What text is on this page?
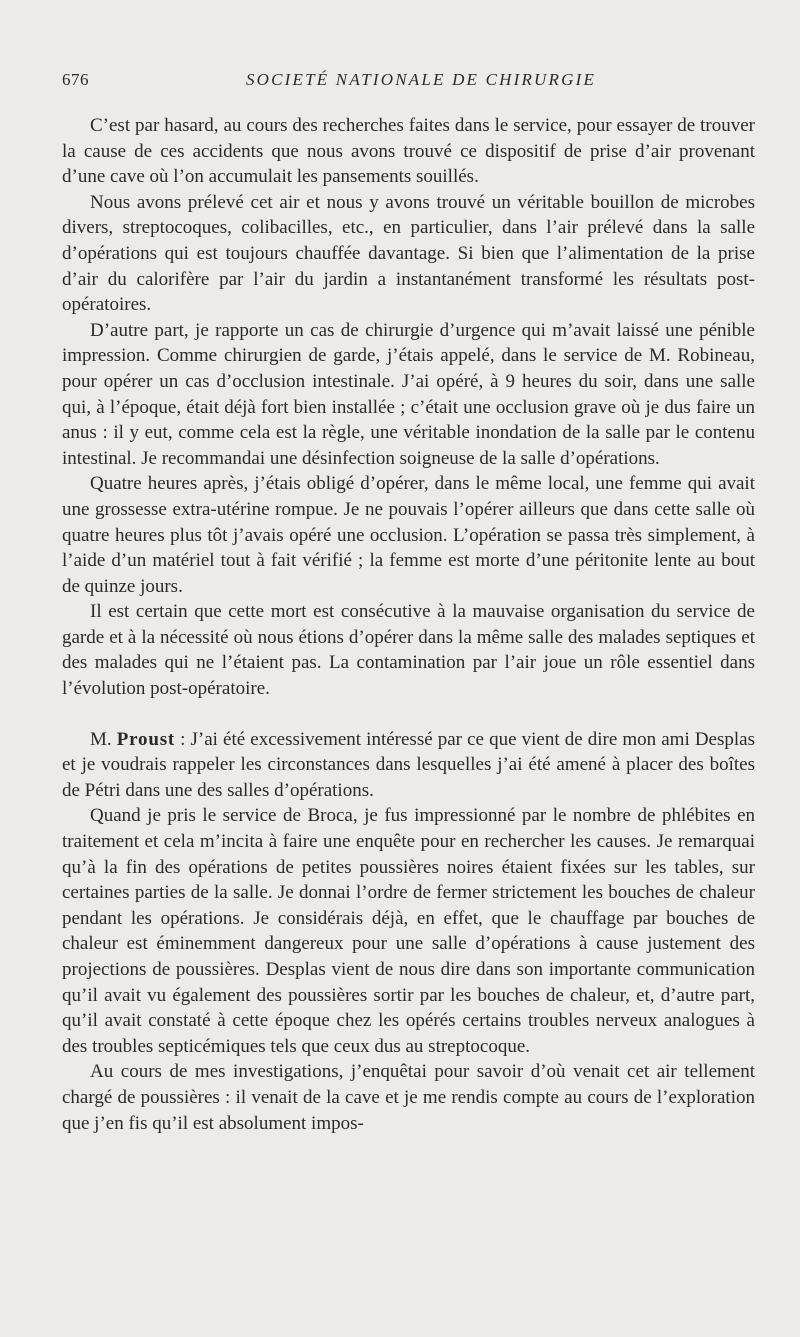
676	SOCIETÉ NATIONALE DE CHIRURGIE

C’est par hasard, au cours des recherches faites dans le service, pour essayer de trouver la cause de ces accidents que nous avons trouvé ce dispositif de prise d’air provenant d’une cave où l’on accumulait les pansements souillés.

Nous avons prélevé cet air et nous y avons trouvé un véritable bouillon de microbes divers, streptocoques, colibacilles, etc., en particulier, dans l’air prélevé dans la salle d’opérations qui est toujours chauffée davantage. Si bien que l’alimentation de la prise d’air du calorifère par l’air du jardin a instantanément transformé les résultats post-opératoires.

D’autre part, je rapporte un cas de chirurgie d’urgence qui m’avait laissé une pénible impression. Comme chirurgien de garde, j’étais appelé, dans le service de M. Robineau, pour opérer un cas d’occlusion intestinale. J’ai opéré, à 9 heures du soir, dans une salle qui, à l’époque, était déjà fort bien installée ; c’était une occlusion grave où je dus faire un anus : il y eut, comme cela est la règle, une véritable inondation de la salle par le contenu intestinal. Je recommandai une désinfection soigneuse de la salle d’opérations.

Quatre heures après, j’étais obligé d’opérer, dans le même local, une femme qui avait une grossesse extra-utérine rompue. Je ne pouvais l’opérer ailleurs que dans cette salle où quatre heures plus tôt j’avais opéré une occlusion. L’opération se passa très simplement, à l’aide d’un matériel tout à fait vérifié ; la femme est morte d’une péritonite lente au bout de quinze jours.

Il est certain que cette mort est consécutive à la mauvaise organisation du service de garde et à la nécessité où nous étions d’opérer dans la même salle des malades septiques et des malades qui ne l’étaient pas. La contamination par l’air joue un rôle essentiel dans l’évolution post-opératoire.

M. Proust : J’ai été excessivement intéressé par ce que vient de dire mon ami Desplas et je voudrais rappeler les circonstances dans lesquelles j’ai été amené à placer des boîtes de Pétri dans une des salles d’opérations.

Quand je pris le service de Broca, je fus impressionné par le nombre de phlébites en traitement et cela m’incita à faire une enquête pour en rechercher les causes. Je remarquai qu’à la fin des opérations de petites poussières noires étaient fixées sur les tables, sur certaines parties de la salle. Je donnai l’ordre de fermer strictement les bouches de chaleur pendant les opérations. Je considérais déjà, en effet, que le chauffage par bouches de chaleur est éminemment dangereux pour une salle d’opérations à cause justement des projections de poussières. Desplas vient de nous dire dans son importante communication qu’il avait vu également des poussières sortir par les bouches de chaleur, et, d’autre part, qu’il avait constaté à cette époque chez les opérés certains troubles nerveux analogues à des troubles septicémiques tels que ceux dus au streptocoque.

Au cours de mes investigations, j’enquêtai pour savoir d’où venait cet air tellement chargé de poussières : il venait de la cave et je me rendis compte au cours de l’exploration que j’en fis qu’il est absolument impos-
